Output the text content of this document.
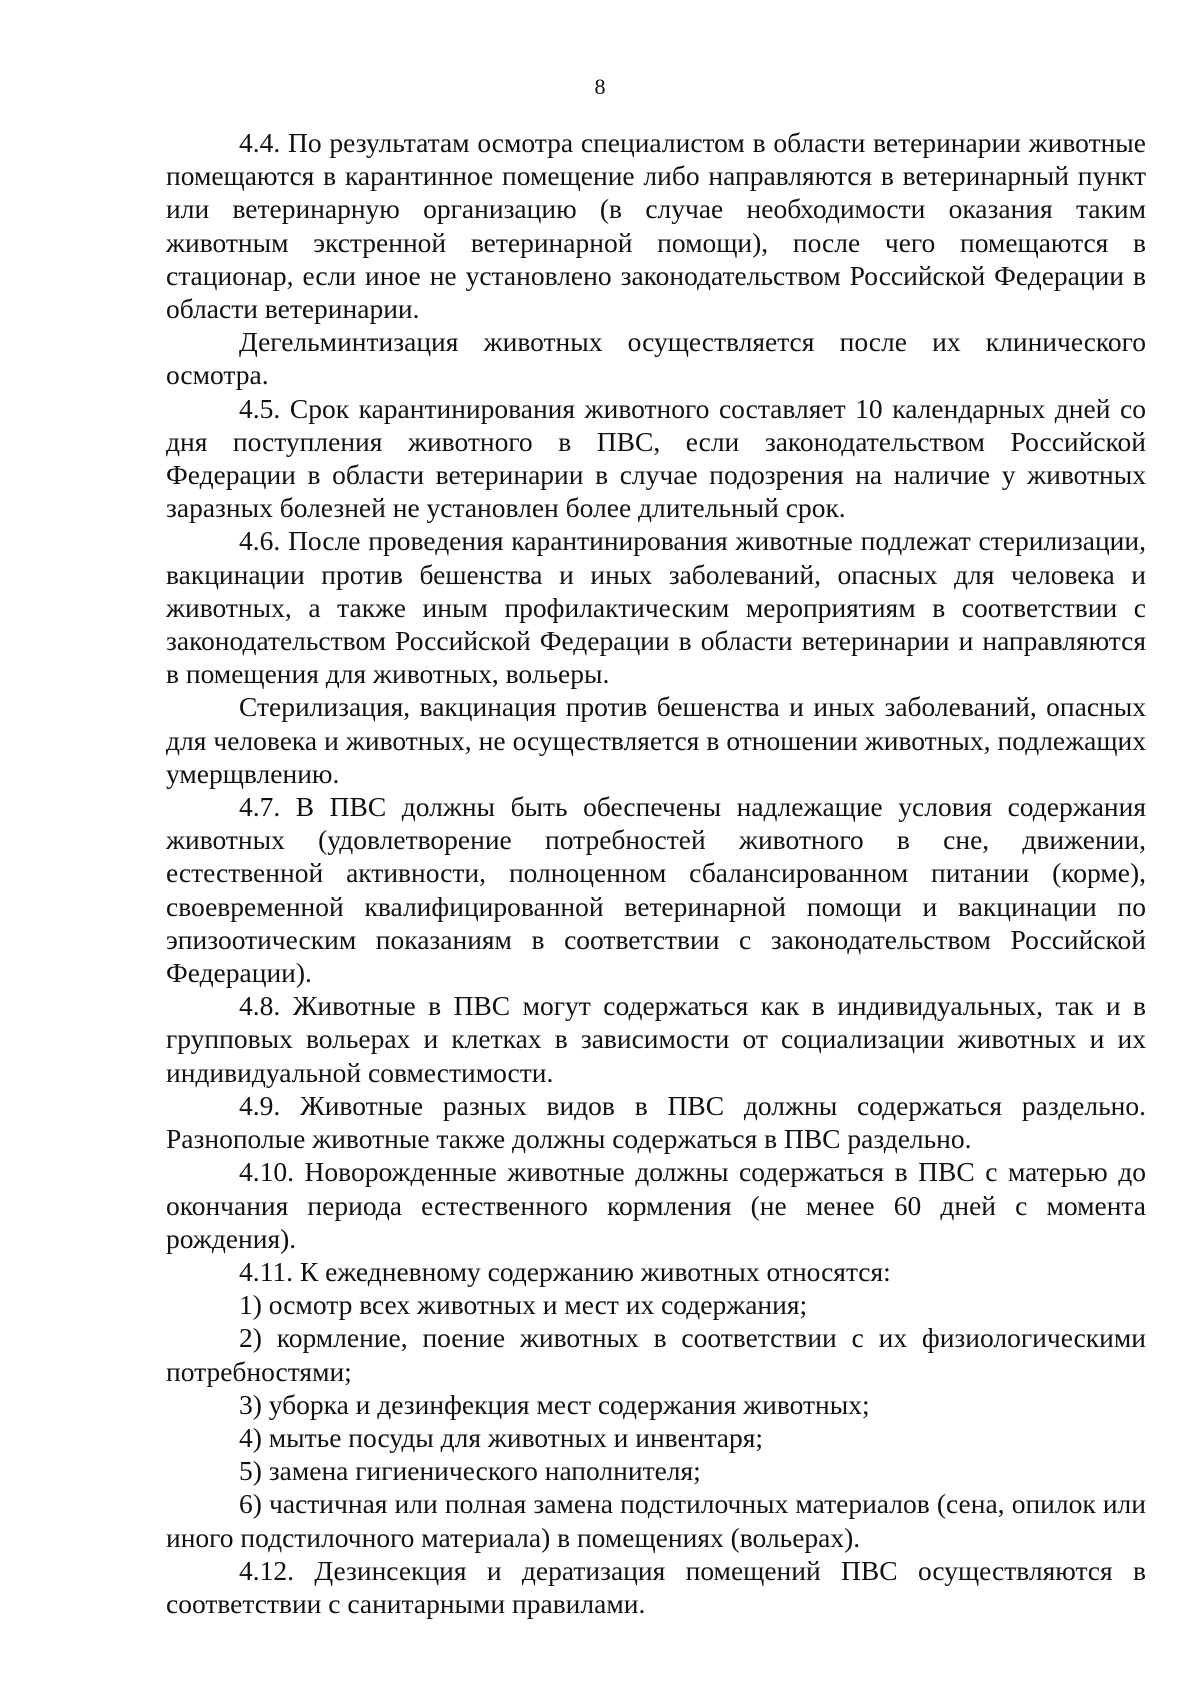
8

4.4. По результатам осмотра специалистом в области ветеринарии животные помещаются в карантинное помещение либо направляются в ветеринарный пункт или ветеринарную организацию (в случае необходимости оказания таким животным экстренной ветеринарной помощи), после чего помещаются в стационар, если иное не установлено законодательством Российской Федерации в области ветеринарии.

Дегельминтизация животных осуществляется после их клинического осмотра.

4.5. Срок карантинирования животного составляет 10 календарных дней со дня поступления животного в ПВС, если законодательством Российской Федерации в области ветеринарии в случае подозрения на наличие у животных заразных болезней не установлен более длительный срок.

4.6. После проведения карантинирования животные подлежат стерилизации, вакцинации против бешенства и иных заболеваний, опасных для человека и животных, а также иным профилактическим мероприятиям в соответствии с законодательством Российской Федерации в области ветеринарии и направляются в помещения для животных, вольеры.

Стерилизация, вакцинация против бешенства и иных заболеваний, опасных для человека и животных, не осуществляется в отношении животных, подлежащих умерщвлению.

4.7. В ПВС должны быть обеспечены надлежащие условия содержания животных (удовлетворение потребностей животного в сне, движении, естественной активности, полноценном сбалансированном питании (корме), своевременной квалифицированной ветеринарной помощи и вакцинации по эпизоотическим показаниям в соответствии с законодательством Российской Федерации).

4.8. Животные в ПВС могут содержаться как в индивидуальных, так и в групповых вольерах и клетках в зависимости от социализации животных и их индивидуальной совместимости.

4.9. Животные разных видов в ПВС должны содержаться раздельно. Разнополые животные также должны содержаться в ПВС раздельно.

4.10. Новорожденные животные должны содержаться в ПВС с матерью до окончания периода естественного кормления (не менее 60 дней с момента рождения).

4.11. К ежедневному содержанию животных относятся:

1) осмотр всех животных и мест их содержания;

2) кормление, поение животных в соответствии с их физиологическими потребностями;

3) уборка и дезинфекция мест содержания животных;

4) мытье посуды для животных и инвентаря;

5) замена гигиенического наполнителя;

6) частичная или полная замена подстилочных материалов (сена, опилок или иного подстилочного материала) в помещениях (вольерах).

4.12. Дезинсекция и дератизация помещений ПВС осуществляются в соответствии с санитарными правилами.
